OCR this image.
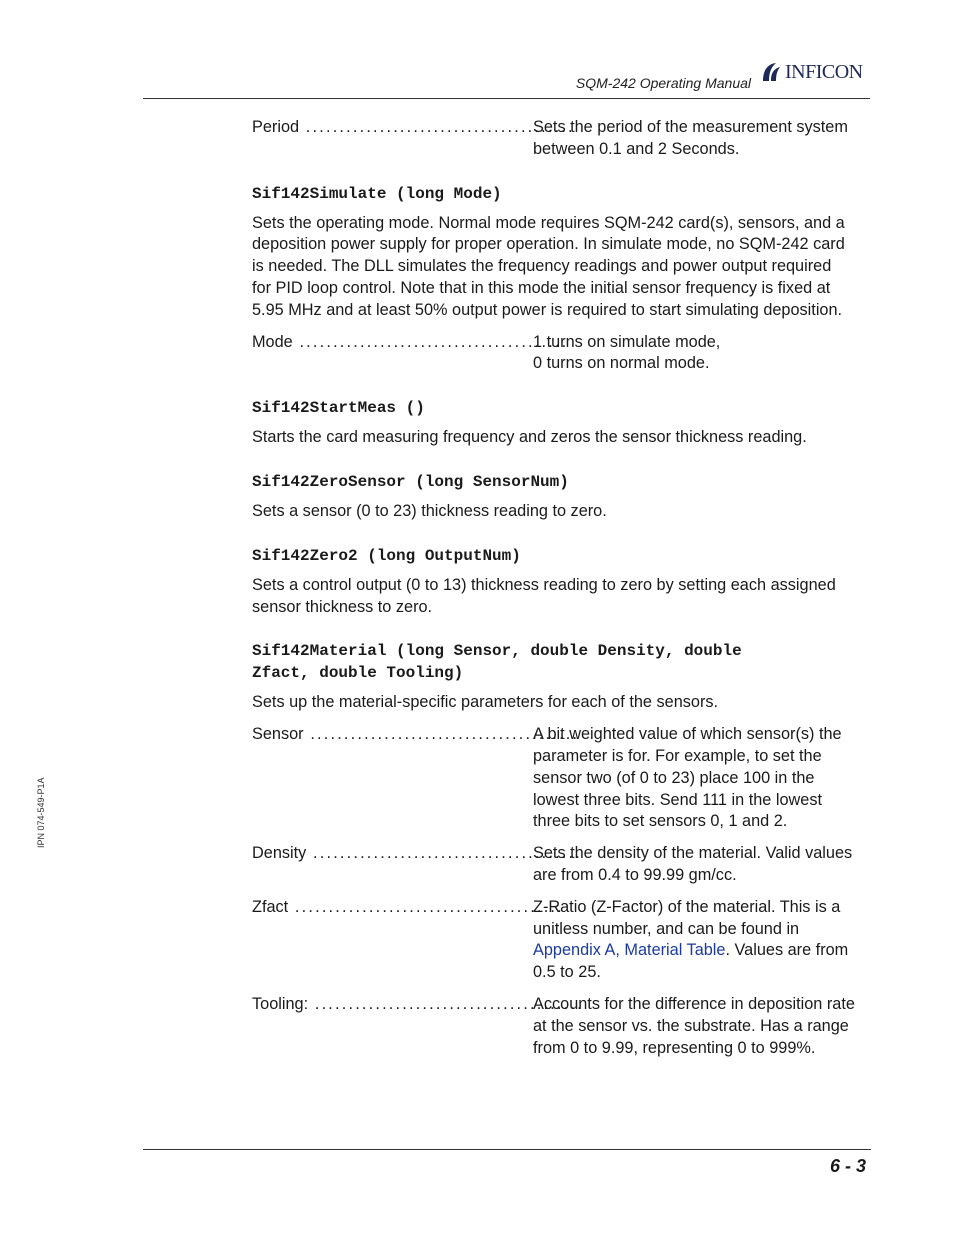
SQM-242 Operating Manual
INFICON
Period ........................................
Sets the period of the measurement system
between 0.1 and 2 Seconds.
Sif142Simulate (long Mode)
Sets the operating mode. Normal mode requires SQM-242 card(s), sensors, and a
deposition power supply for proper operation. In simulate mode, no SQM-242 card
is needed. The DLL simulates the frequency readings and power output required
for PID loop control. Note that in this mode the initial sensor frequency is fixed at
5.95 MHz and at least 50% output power is required to start simulating deposition.
Mode ........................................
1 turns on simulate mode,
0 turns on normal mode.
Sif142StartMeas ()
Starts the card measuring frequency and zeros the sensor thickness reading.
Sif142ZeroSensor (long SensorNum)
Sets a sensor (0 to 23) thickness reading to zero.
Sif142Zero2 (long OutputNum)
Sets a control output (0 to 13) thickness reading to zero by setting each assigned
sensor thickness to zero.
Sif142Material (long Sensor, double Density, double
Zfact, double Tooling)
Sets up the material-specific parameters for each of the sensors.
Sensor ........................................
A bit weighted value of which sensor(s) the
parameter is for. For example, to set the
sensor two (of 0 to 23) place 100 in the
lowest three bits. Send 111 in the lowest
three bits to set sensors 0, 1 and 2.
Density ........................................
Sets the density of the material. Valid values
are from 0.4 to 99.99 gm/cc.
Zfact ........................................
Z-Ratio (Z-Factor) of the material. This is a
unitless number, and can be found in
Appendix A, Material Table. Values are from
0.5 to 25.
Tooling: ........................................
Accounts for the difference in deposition rate
at the sensor vs. the substrate. Has a range
from 0 to 9.99, representing 0 to 999%.
IPN 074-549-P1A
6 - 3
